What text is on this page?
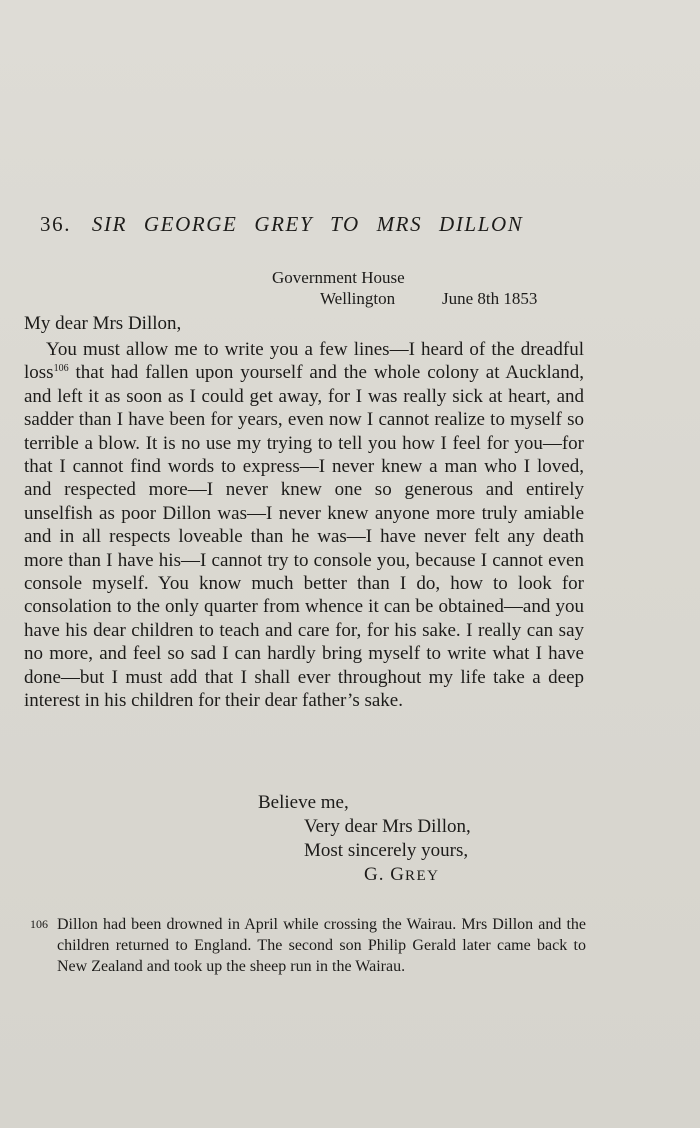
36. SIR GEORGE GREY TO MRS DILLON
Government House
Wellington	June 8th 1853
My dear Mrs Dillon,

You must allow me to write you a few lines—I heard of the dreadful loss$^{106}$ that had fallen upon yourself and the whole colony at Auckland, and left it as soon as I could get away, for I was really sick at heart, and sadder than I have been for years, even now I cannot realize to myself so terrible a blow. It is no use my trying to tell you how I feel for you—for that I cannot find words to express—I never knew a man who I loved, and respected more—I never knew one so generous and entirely unselfish as poor Dillon was—I never knew anyone more truly amiable and in all respects loveable than he was—I have never felt any death more than I have his—I cannot try to console you, because I cannot even console myself. You know much better than I do, how to look for consolation to the only quarter from whence it can be obtained—and you have his dear children to teach and care for, for his sake. I really can say no more, and feel so sad I can hardly bring myself to write what I have done—but I must add that I shall ever throughout my life take a deep interest in his children for their dear father’s sake.

Believe me,
Very dear Mrs Dillon,
Most sincerely yours,
G. GREY
106 Dillon had been drowned in April while crossing the Wairau. Mrs Dillon and the children returned to England. The second son Philip Gerald later came back to New Zealand and took up the sheep run in the Wairau.
